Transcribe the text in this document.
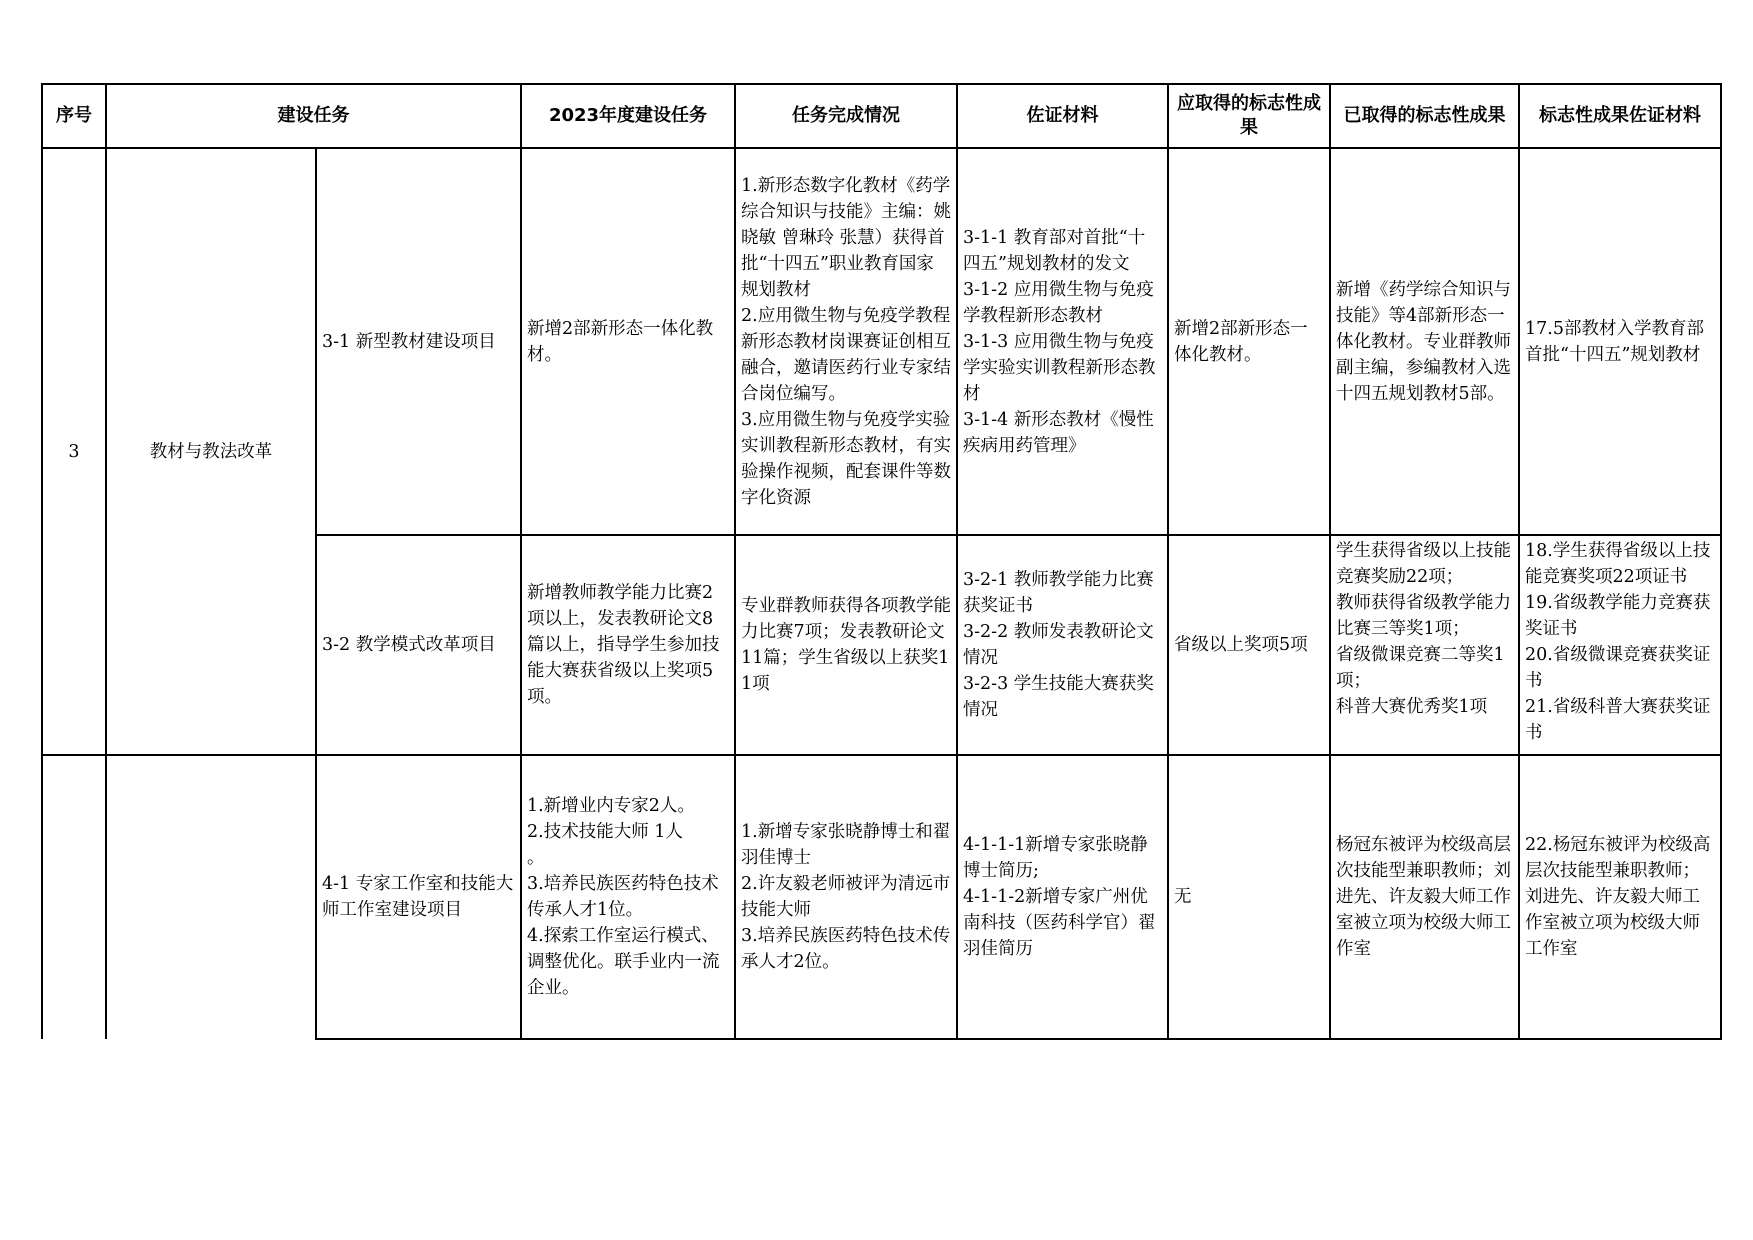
序号	建设任务		2023年度建设任务	任务完成情况	佐证材料	应取得的标志性成果	已取得的标志性成果	标志性成果佐证材料
3	教材与教法改革	3-1 新型教材建设项目	新增2部新形态一体化教材。	1.新形态数字化教材《药学综合知识与技能》主编：姚晓敏 曾琳玲 张慧）获得首批“十四五”职业教育国家规划教材
2.应用微生物与免疫学教程新形态教材岗课赛证创相互融合，邀请医药行业专家结合岗位编写。
3.应用微生物与免疫学实验实训教程新形态教材，有实验操作视频，配套课件等数字化资源	3-1-1 教育部对首批“十四五”规划教材的发文
3-1-2 应用微生物与免疫学教程新形态教材
3-1-3 应用微生物与免疫学实验实训教程新形态教材
3-1-4 新形态教材《慢性疾病用药管理》	新增2部新形态一体化教材。	新增《药学综合知识与技能》等4部新形态一体化教材。专业群教师副主编，参编教材入选十四五规划教材5部。	17.5部教材入学教育部首批“十四五”规划教材

		3-2 教学模式改革项目	新增教师教学能力比赛2项以上，发表教研论文8篇以上，指导学生参加技能大赛获省级以上奖项5项。	专业群教师获得各项教学能力比赛7项；发表教研论文11篇；学生省级以上获奖11项	3-2-1 教师教学能力比赛获奖证书
3-2-2 教师发表教研论文情况
3-2-3 学生技能大赛获奖情况	省级以上奖项5项	学生获得省级以上技能竞赛奖励22项；
教师获得省级教学能力比赛三等奖1项；
省级微课竞赛二等奖1项；
科普大赛优秀奖1项	18.学生获得省级以上技能竞赛奖项22项证书
19.省级教学能力竞赛获奖证书
20.省级微课竞赛获奖证书
21.省级科普大赛获奖证书

		4-1 专家工作室和技能大师工作室建设项目	1.新增业内专家2人。
2.技术技能大师 1人
。
3.培养民族医药特色技术传承人才1位。
4.探索工作室运行模式、调整优化。联手业内一流企业。	1.新增专家张晓静博士和翟羽佳博士
2.许友毅老师被评为清远市技能大师
3.培养民族医药特色技术传承人才2位。	4-1-1-1新增专家张晓静博士简历;
4-1-1-2新增专家广州优南科技（医药科学官）翟羽佳简历	无	杨冠东被评为校级高层次技能型兼职教师；刘进先、许友毅大师工作室被立项为校级大师工作室	22.杨冠东被评为校级高层次技能型兼职教师；刘进先、许友毅大师工作室被立项为校级大师工作室
